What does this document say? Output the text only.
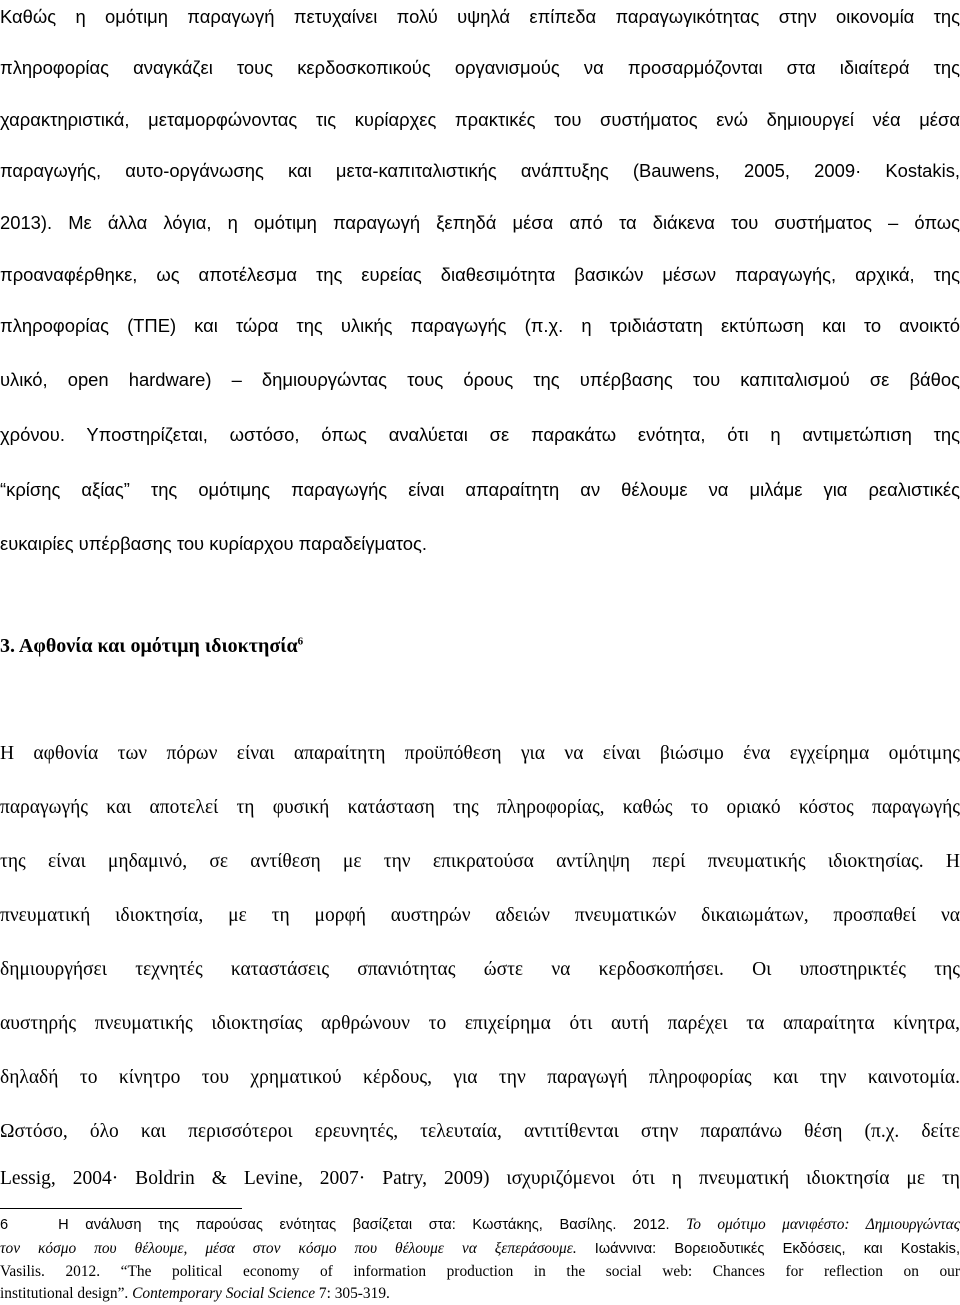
Καθώς η ομότιμη παραγωγή πετυχαίνει πολύ υψηλά επίπεδα παραγωγικότητας στην οικονομία της

πληροφορίας αναγκάζει τους κερδοσκοπικούς οργανισμούς να προσαρμόζονται στα ιδιαίτερά της

χαρακτηριστικά, μεταμορφώνοντας τις κυρίαρχες πρακτικές του συστήματος ενώ δημιουργεί νέα μέσα

παραγωγής, αυτο-οργάνωσης και μετα-καπιταλιστικής ανάπτυξης (Bauwens, 2005, 2009· Kostakis,

2013). Με άλλα λόγια, η ομότιμη παραγωγή ξεπηδά μέσα από τα διάκενα του συστήματος – όπως

προαναφέρθηκε, ως αποτέλεσμα της ευρείας διαθεσιμότητα βασικών μέσων παραγωγής, αρχικά, της

πληροφορίας (ΤΠΕ) και τώρα της υλικής παραγωγής (π.χ. η τριδιάστατη εκτύπωση και το ανοικτό

υλικό, open hardware) – δημιουργώντας τους όρους της υπέρβασης του καπιταλισμού σε βάθος

χρόνου. Υποστηρίζεται, ωστόσο, όπως αναλύεται σε παρακάτω ενότητα, ότι η αντιμετώπιση της

“κρίσης αξίας” της ομότιμης παραγωγής είναι απαραίτητη αν θέλουμε να μιλάμε για ρεαλιστικές

ευκαιρίες υπέρβασης του κυρίαρχου παραδείγματος.

3. Αφθονία και ομότιμη ιδιοκτησία$^6$

Η αφθονία των πόρων είναι απαραίτητη προϋπόθεση για να είναι βιώσιμο ένα εγχείρημα ομότιμης

παραγωγής και αποτελεί τη φυσική κατάσταση της πληροφορίας, καθώς το οριακό κόστος παραγωγής

της είναι μηδαμινό, σε αντίθεση με την επικρατούσα αντίληψη περί πνευματικής ιδιοκτησίας. Η

πνευματική ιδιοκτησία, με τη μορφή αυστηρών αδειών πνευματικών δικαιωμάτων, προσπαθεί να

δημιουργήσει τεχνητές καταστάσεις σπανιότητας ώστε να κερδοσκοπήσει. Οι υποστηρικτές της

αυστηρής πνευματικής ιδιοκτησίας αρθρώνουν το επιχείρημα ότι αυτή παρέχει τα απαραίτητα κίνητρα,

δηλαδή το κίνητρο του χρηματικού κέρδους, για την παραγωγή πληροφορίας και την καινοτομία.

Ωστόσο, όλο και περισσότεροι ερευνητές, τελευταία, αντιτίθενται στην παραπάνω θέση (π.χ. δείτε

Lessig, 2004· Boldrin & Levine, 2007· Patry, 2009) ισχυριζόμενοι ότι η πνευματική ιδιοκτησία με τη

6	Η ανάλυση της παρούσας ενότητας βασίζεται στα: Κωστάκης, Βασίλης. 2012. Το ομότιμο μανιφέστο: Δημιουργώντας

τον κόσμο που θέλουμε, μέσα στον κόσμο που θέλουμε να ξεπεράσουμε. Ιωάννινα: Βορειοδυτικές Εκδόσεις, και Kostakis,

Vasilis. 2012. “The political economy of information production in the social web: Chances for reflection on our

institutional design”. Contemporary Social Science 7: 305-319.
